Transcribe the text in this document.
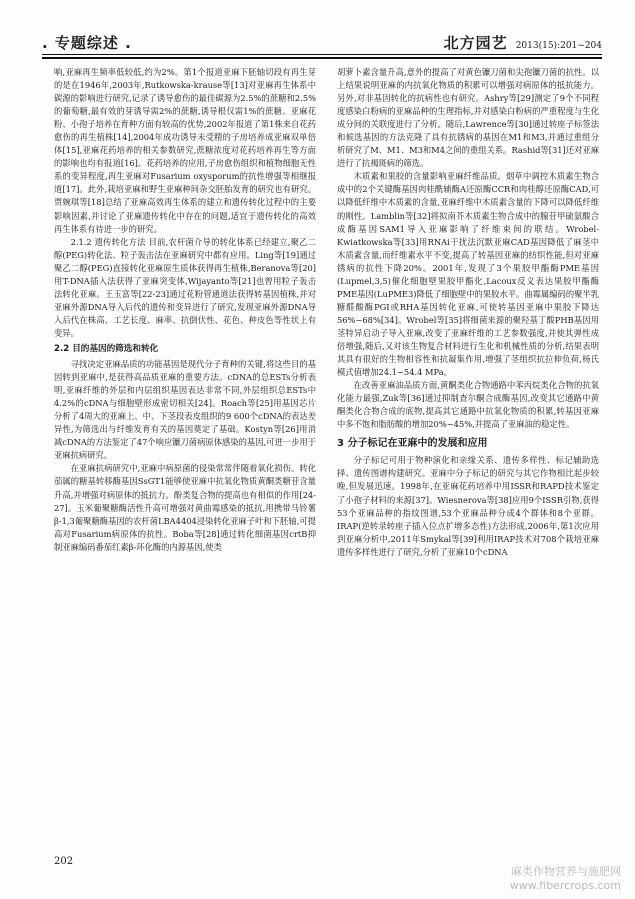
. 专题综述 .	北方园艺 2013(15):201~204

响,亚麻再生频率低较低,约为2%。第1个报道亚麻下胚轴切段有再生芽的是在1946年,2003年,Rutkowska-krause等[13]对亚麻再生体系中碳源的影响进行研究,记录了诱导愈伤的最佳碳源为2.5%的蔗糖和2.5%的葡萄糖,最有效的芽诱导需2%的蔗糖,诱导根仅需1%的蔗糖。亚麻花粉、小孢子培养在育种方面有较高的优势,2002年报道了第1株来自花药愈伤的再生植株[14],2004年成功诱导未受精的子房培养成亚麻双单倍体[15],亚麻花药培养的相关参数研究,蔗糖浓度对花药培养再生等方面的影响也均有报道[16]。花药培养的应用,子房愈伤组织和植物细胞无性系的变异程度,再生亚麻对Fusarium oxysporum的抗性增强等相继报道[17]。此外,栽培亚麻和野生亚麻种间杂交胚胎发育的研究也有研究。贾婉琪等[18]总结了亚麻高效再生体系的建立和遗传转化过程中的主要影响因素,并讨论了亚麻遗传转化中存在的问题,适宜于遗传转化的高效再生体系有待进一步的研究。

2.1.2 遗传转化方法 目前,农杆菌介导的转化体系已经建立,聚乙二醇(PEG)转化法、粒子轰击法在亚麻研究中都有应用。Ling等[19]通过聚乙二醇(PEG)直接转化亚麻原生质体获得再生植株,Beranova等[20]用T-DNA插入法获得了亚麻突变体,Wijayanto等[21]也曾用粒子轰击法转化亚麻。王玉富等[22-23]通过花粉管通道法获得转基因植株,并对亚麻外源DNA导入后代的遗传和变异进行了研究,发现亚麻外源DNA导入后代在株高、工艺长度、麻率、抗倒伏性、花色、种皮色等性状上有变异。

2.2 目的基因的筛选和转化

寻找决定亚麻品质的功能基因是现代分子育种的关键,将这些目的基因转到亚麻中,是获得高品质亚麻的重要方法。cDNA的总ESTs分析表明,亚麻纤维的外层和内层组织基因表达非常不同,外层组织总ESTs中4.2%的cDNA与细胞壁形成密切相关[24]。Roach等[25]用基因芯片分析了4周大的亚麻上、中、下茎段表皮组织的9 600个cDNA的表达差异性,为筛选出与纤维发育有关的基因奠定了基础。Kostyn等[26]用消减cDNA的方法鉴定了47个响应镰刀菌病原体感染的基因,可进一步用于亚麻抗病研究。

在亚麻抗病研究中,亚麻中病原菌的侵染常常伴随着氧化损伤。转化茄属的糖基转移酶基因SsGT1能够使亚麻中抗氧化物质黄酮类糖苷含量升高,并增强对病原体的抵抗力。酚类复合物的提高也有相似的作用[24-27]。玉米葡聚糖酶活性升高可增强对黄曲霉感染的抵抗,用携带马铃薯β-1,3葡聚糖酶基因的农杆菌LBA4404浸染转化亚麻子叶和下胚轴,可提高对Fusarium病原体的抗性。Boba等[28]通过转化细菌基因crtB抑制亚麻编码番茄红素β-环化酶的内源基因,使类

胡萝卜素含量升高,意外的提高了对黄色镰刀菌和尖孢镰刀菌的抗性。以上结果说明亚麻的内抗氧化物质的积累可以增强对病原体的抵抗能力。另外,对非基因转化的抗病性也有研究。Ashry等[29]测定了9个不同程度感染白粉病的亚麻品种的生理指标,并对感染白粉病的严重程度与生化成分间的关联度进行了分析。随后,Lawrence等[30]通过转座子标签法和候选基因的方法克隆了具有抗锈病的基因在M1和M3,并通过重组分析研究了M、M1、M3和M4之间的重组关系。Rashid等[31]还对亚麻进行了抗褐斑病的筛选。

木质素和果胶的含量影响亚麻纤维品质。烟草中调控木质素生物合成中的2个关键酶基因肉桂酰辅酶A还原酶CCR和肉桂醇还原酶CAD,可以降低纤维中木质素的含量,亚麻纤维中木质素含量的下降可以降低纤维的刚性。Lamblin等[32]将拟南芥木质素生物合成中的腺苷甲硫氨酸合成酶基因SAM1导入亚麻影响了纤维束间的联结。Wrobel-Kwiatkowska等[33]用RNAi干扰法沉默亚麻CAD基因降低了麻茎中木质素含量,而纤维素水平不变,提高了转基因亚麻的纺织性能,但对亚麻锈病的抗性下降20%。2001年,发现了3个果胶甲酯酶PME基因(Lupmel,3,5)催化细胞壁果胶甲酯化,Lacoux反义表达果胶甲酯酶PME基因(LuPME3)降低了细胞壁中的果胶水平。曲霉属编码的聚半乳糖醛酸酶PGI或RHA基因转化亚麻,可使转基因亚麻中果胶下降达56%~68%[34]。Wrobel等[35]将细菌来源的聚羟基丁酸PHB基因用茎特异启动子导入亚麻,改变了亚麻纤维的工艺参数强度,并使其弹性成倍增强,随后,又对该生物复合材料进行生化和机械性质的分析,结果表明其具有很好的生物相容性和抗凝集作用,增强了茎组织抗拉伸负荷,杨氏模式值增加24.1~54.4 MPa。

在改善亚麻油品质方面,黄酮类化合物通路中苯丙烷类化合物的抗氧化能力最强,Zuk等[36]通过抑制查尔酮合成酶基因,改变其它通路中黄酮类化合物合成的底物,提高其它通路中抗氧化物质的积累,转基因亚麻中多不饱和脂肪酸的增加20%~45%,并提高了亚麻油的稳定性。

3 分子标记在亚麻中的发展和应用

分子标记可用于物种演化和亲缘关系、遗传多样性、标记辅助选择、遗传图谱构建研究。亚麻中分子标记的研究与其它作物相比起步较晚,但发展迅速。1998年,在亚麻花药培养中用ISSR和RAPD技术鉴定了小孢子材料的来源[37]。Wiesnerova等[38]应用9个ISSR引物,获得53个亚麻品种的指纹图谱,53个亚麻品种分成4个群体和8个亚群。IRAP(逆转录转座子插入位点扩增多态性)方法形成,2006年,第1次应用到亚麻分析中,2011年Smykal等[39]利用IRAP技术对708个栽培亚麻遗传多样性进行了研究,分析了亚麻10个cDNA

202
麻类作物营养与施肥网
www.fibercrops.com
